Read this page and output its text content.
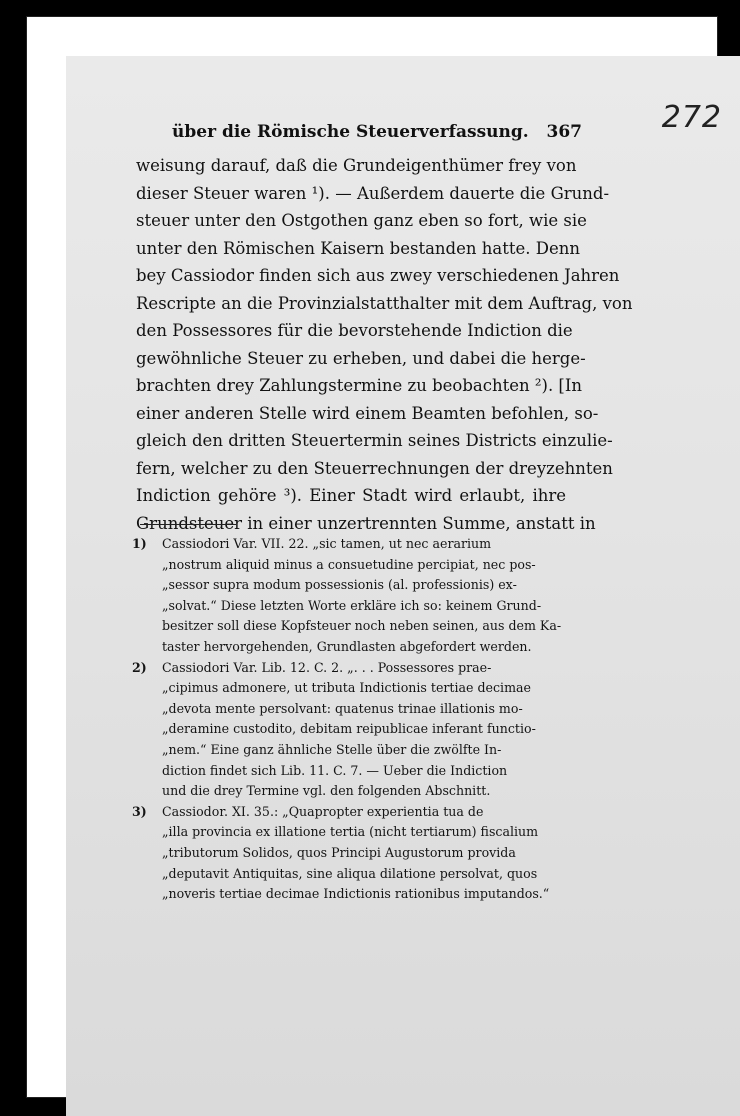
272
über die Römische Steuerverfassung. 367
weisung darauf, daß die Grundeigenthümer frey von
dieser Steuer waren ¹). — Außerdem dauerte die Grund-
steuer unter den Ostgothen ganz eben so fort, wie sie
unter den Römischen Kaisern bestanden hatte. Denn
bey Cassiodor finden sich aus zwey verschiedenen Jahren
Rescripte an die Provinzialstatthalter mit dem Auftrag, von
den Possessores für die bevorstehende Indiction die
gewöhnliche Steuer zu erheben, und dabei die herge-
brachten drey Zahlungstermine zu beobachten ²). [In
einer anderen Stelle wird einem Beamten befohlen, so-
gleich den dritten Steuertermin seines Districts einzulie-
fern, welcher zu den Steuerrechnungen der dreyzehnten
Indiction gehöre ³). Einer Stadt wird erlaubt, ihre
Grundsteuer in einer unzertrennten Summe, anstatt in
1)	Cassiodori Var. VII. 22. „sic tamen, ut nec aerarium
„nostrum aliquid minus a consuetudine percipiat, nec pos-
„sessor supra modum possessionis (al. professionis) ex-
„solvat.“ Diese letzten Worte erkläre ich so: keinem Grund-
besitzer soll diese Kopfsteuer noch neben seinen, aus dem Ka-
taster hervorgehenden, Grundlasten abgefordert werden.
2)	Cassiodori Var. Lib. 12. C. 2. „. . . Possessores prae-
„cipimus admonere, ut tributa Indictionis tertiae decimae
„devota mente persolvant: quatenus trinae illationis mo-
„deramine custodito, debitam reipublicae inferant functio-
„nem.“ Eine ganz ähnliche Stelle über die zwölfte In-
diction findet sich Lib. 11. C. 7. — Ueber die Indiction
und die drey Termine vgl. den folgenden Abschnitt.
3)	Cassiodor. XI. 35.: „Quapropter experientia tua de
„illa provincia ex illatione tertia (nicht tertiarum) fiscalium
„tributorum Solidos, quos Principi Augustorum provida
„deputavit Antiquitas, sine aliqua dilatione persolvat, quos
„noveris tertiae decimae Indictionis rationibus imputandos.“
